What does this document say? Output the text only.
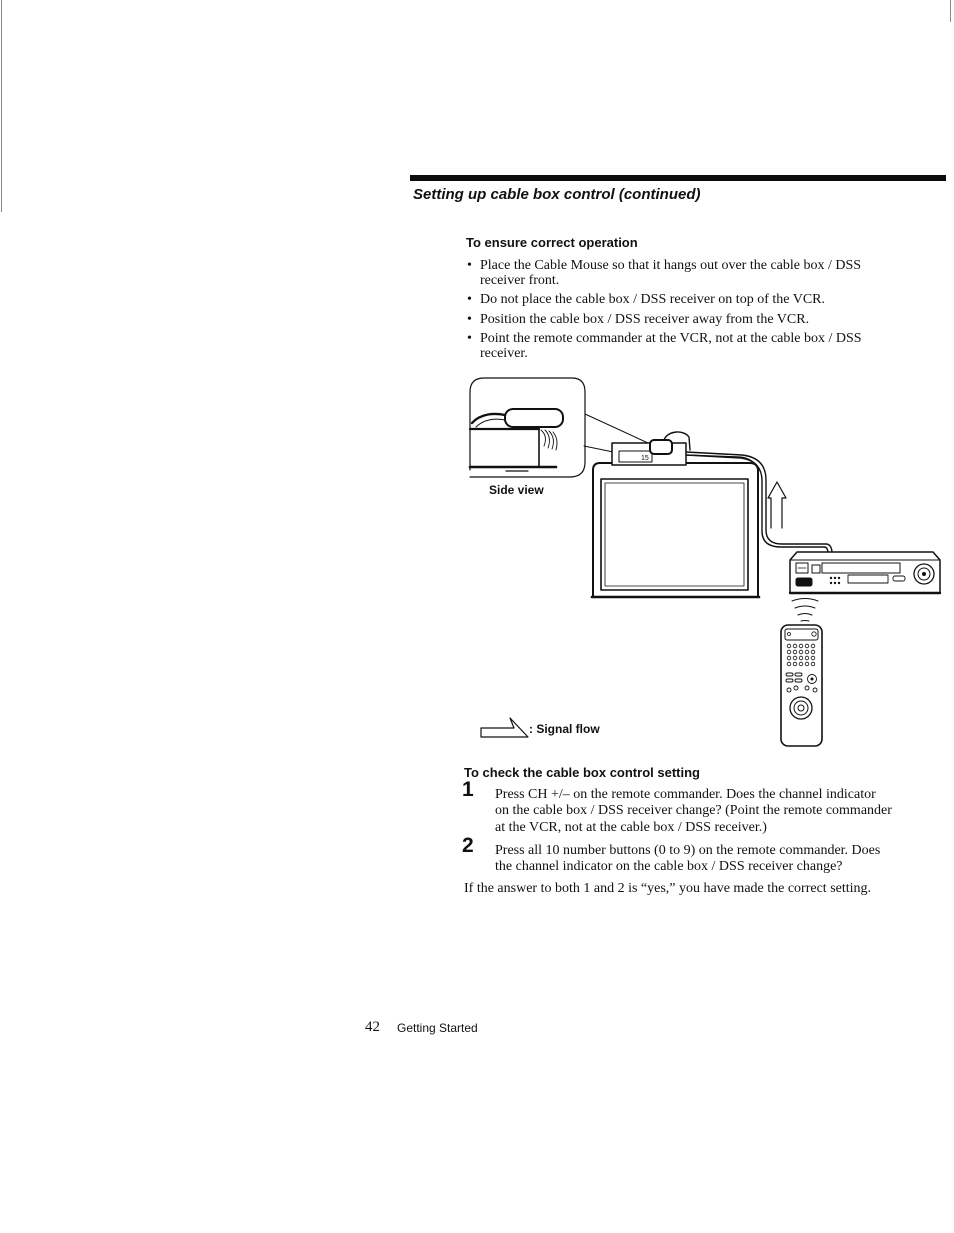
Setting up cable box control (continued)
To ensure correct operation
• Place the Cable Mouse so that it hangs out over the cable box / DSS
receiver front.
• Do not place the cable box / DSS receiver on top of the VCR.
• Position the cable box / DSS receiver away from the VCR.
• Point the remote commander at the VCR, not at the cable box / DSS
receiver.
15
Side view
: Signal flow
To check the cable box control setting
1 Press CH +/– on the remote commander. Does the channel indicator
on the cable box / DSS receiver change? (Point the remote commander
at the VCR, not at the cable box / DSS receiver.)
2 Press all 10 number buttons (0 to 9) on the remote commander. Does
the channel indicator on the cable box / DSS receiver change?
If the answer to both 1 and 2 is “yes,” you have made the correct setting.
42 Getting Started
